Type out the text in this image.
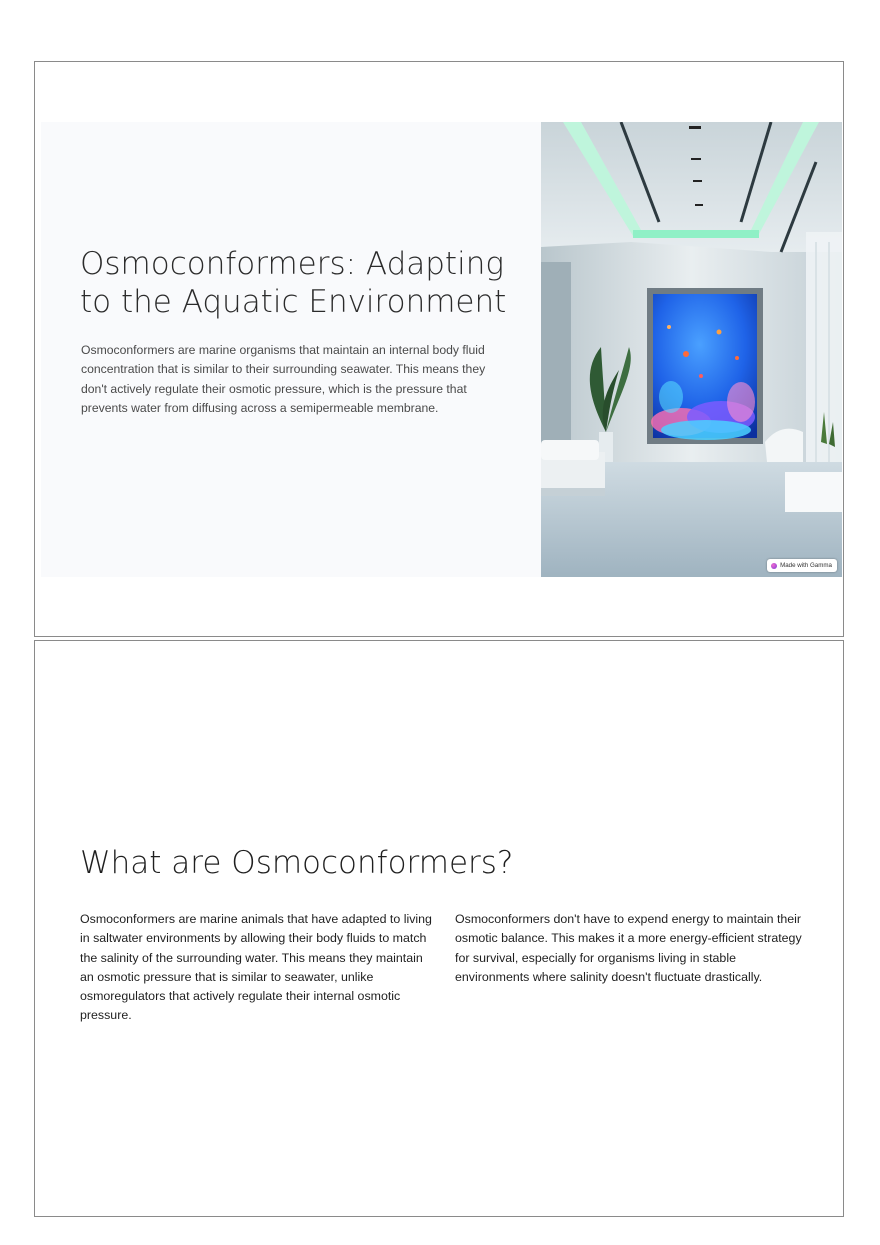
Osmoconformers: Adapting to the Aquatic Environment

Osmoconformers are marine organisms that maintain an internal body fluid concentration that is similar to their surrounding seawater. This means they don't actively regulate their osmotic pressure, which is the pressure that prevents water from diffusing across a semipermeable membrane.

Made with Gamma
What are Osmoconformers?

Osmoconformers are marine animals that have adapted to living in saltwater environments by allowing their body fluids to match the salinity of the surrounding water. This means they maintain an osmotic pressure that is similar to seawater, unlike osmoregulators that actively regulate their internal osmotic pressure.

Osmoconformers don't have to expend energy to maintain their osmotic balance. This makes it a more energy-efficient strategy for survival, especially for organisms living in stable environments where salinity doesn't fluctuate drastically.
